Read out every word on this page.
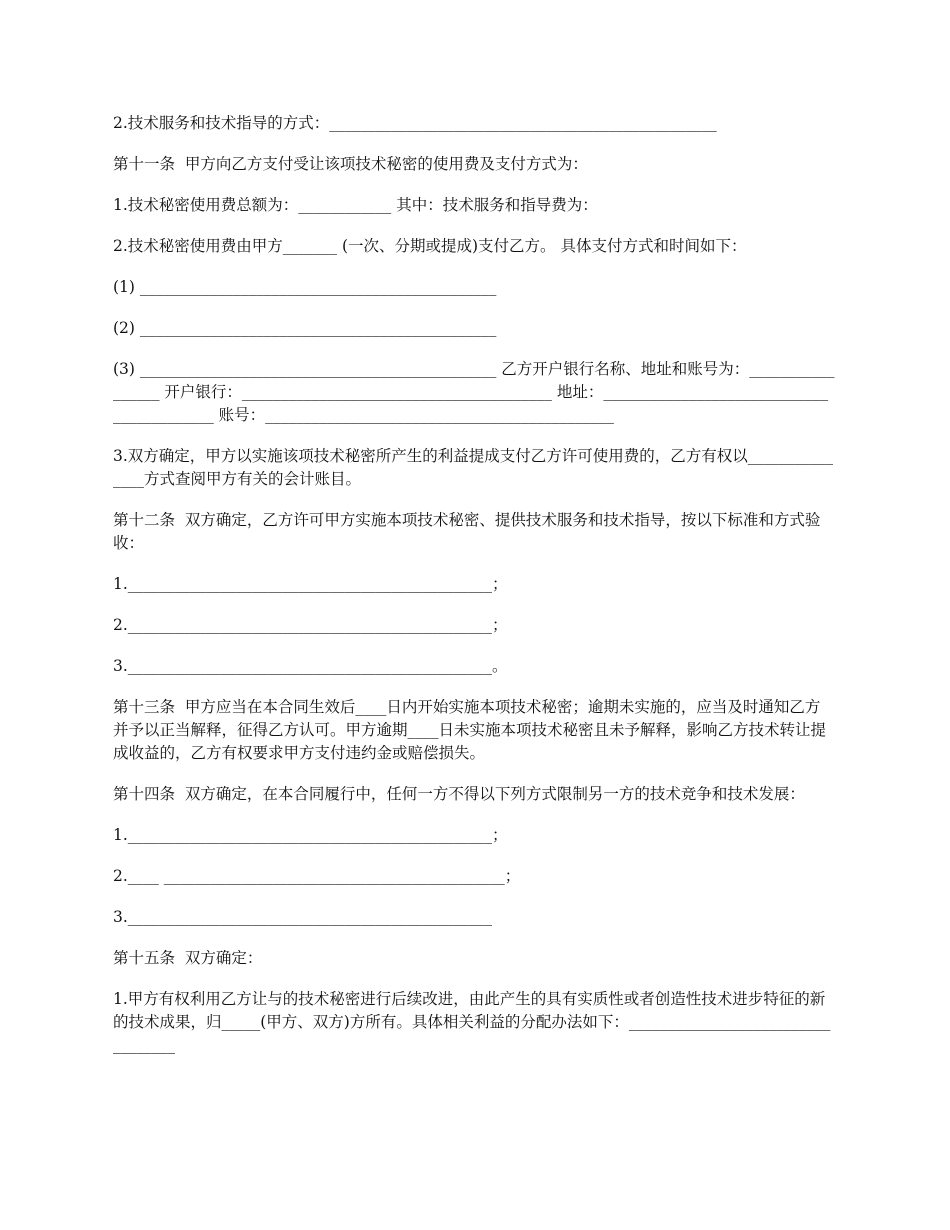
2.技术服务和技术指导的方式：__________________________________________________

第十一条  甲方向乙方支付受让该项技术秘密的使用费及支付方式为：

1.技术秘密使用费总额为：____________ 其中：技术服务和指导费为：

2.技术秘密使用费由甲方_______ (一次、分期或提成)支付乙方。 具体支付方式和时间如下：

(1) ______________________________________________

(2) ______________________________________________

(3) ______________________________________________ 乙方开户银行名称、地址和账号为：_________________ 开户银行：________________________________________ 地址：__________________________________________ 账号：_____________________________________________

3.双方确定，甲方以实施该项技术秘密所产生的利益提成支付乙方许可使用费的，乙方有权以_______________方式查阅甲方有关的会计账目。

第十二条  双方确定，乙方许可甲方实施本项技术秘密、提供技术服务和技术指导，按以下标准和方式验收：

1._______________________________________________；

2._______________________________________________；

3._______________________________________________。

第十三条  甲方应当在本合同生效后____日内开始实施本项技术秘密；逾期未实施的，应当及时通知乙方并予以正当解释，征得乙方认可。甲方逾期____日未实施本项技术秘密且未予解释，影响乙方技术转让提成收益的，乙方有权要求甲方支付违约金或赔偿损失。

第十四条  双方确定，在本合同履行中，任何一方不得以下列方式限制另一方的技术竞争和技术发展：

1._______________________________________________；

2.____ ____________________________________________；

3._______________________________________________

第十五条  双方确定：

1.甲方有权利用乙方让与的技术秘密进行后续改进，由此产生的具有实质性或者创造性技术进步特征的新的技术成果，归_____(甲方、双方)方所有。具体相关利益的分配办法如下：__________________________________
